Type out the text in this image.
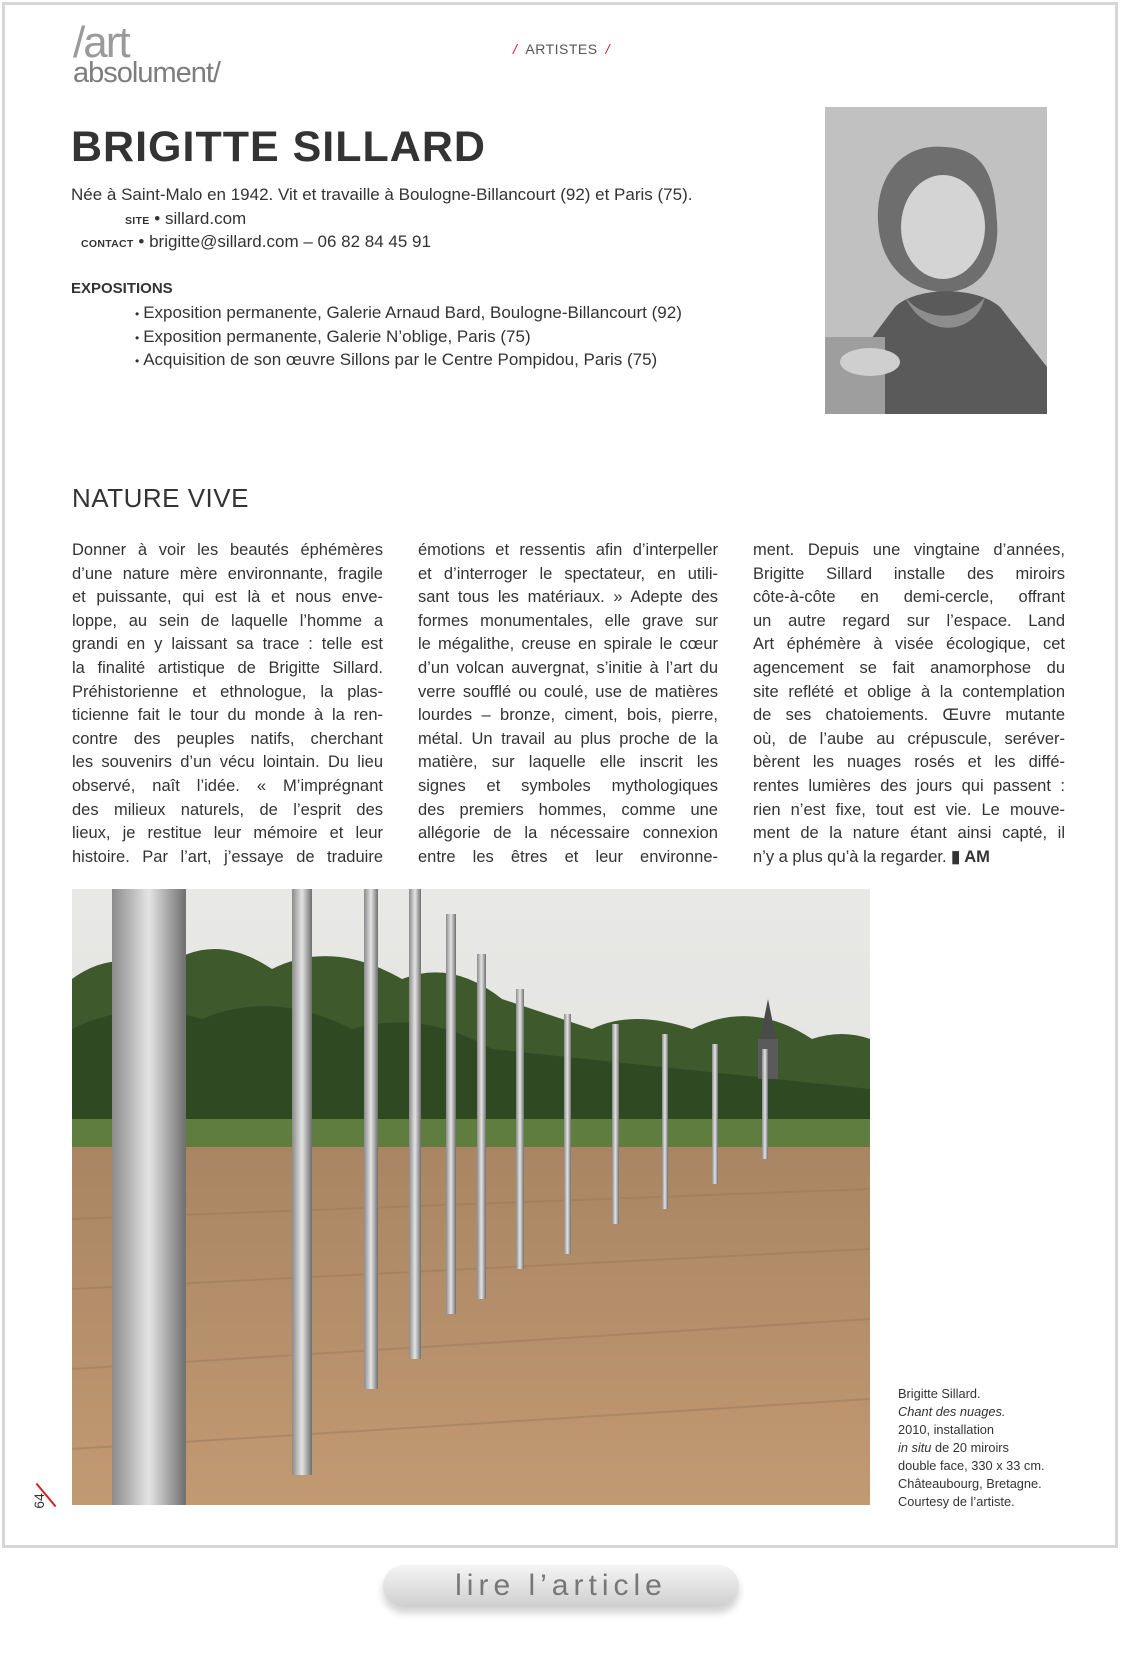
/art
absolument/
/ ARTISTES /
BRIGITTE SILLARD
Née à Saint-Malo en 1942. Vit et travaille à Boulogne-Billancourt (92) et Paris (75).
SITE • sillard.com
CONTACT • brigitte@sillard.com – 06 82 84 45 91
EXPOSITIONS
• Exposition permanente, Galerie Arnaud Bard, Boulogne-Billancourt (92)
• Exposition permanente, Galerie N’oblige, Paris (75)
• Acquisition de son œuvre Sillons par le Centre Pompidou, Paris (75)
NATURE VIVE
Donner à voir les beautés éphémères
d’une nature mère environnante, fragile
et puissante, qui est là et nous enve-
loppe, au sein de laquelle l’homme a
grandi en y laissant sa trace : telle est
la finalité artistique de Brigitte Sillard.
Préhistorienne et ethnologue, la plas-
ticienne fait le tour du monde à la ren-
contre des peuples natifs, cherchant
les souvenirs d’un vécu lointain. Du lieu
observé, naît l’idée. « M’imprégnant
des milieux naturels, de l’esprit des
lieux, je restitue leur mémoire et leur
histoire. Par l’art, j’essaye de traduire
émotions et ressentis afin d’interpeller
et d’interroger le spectateur, en utili-
sant tous les matériaux. » Adepte des
formes monumentales, elle grave sur
le mégalithe, creuse en spirale le cœur
d’un volcan auvergnat, s’initie à l’art du
verre soufflé ou coulé, use de matières
lourdes – bronze, ciment, bois, pierre,
métal. Un travail au plus proche de la
matière, sur laquelle elle inscrit les
signes et symboles mythologiques
des premiers hommes, comme une
allégorie de la nécessaire connexion
entre les êtres et leur environne-
ment. Depuis une vingtaine d’années,
Brigitte Sillard installe des miroirs
côte-à-côte en demi-cercle, offrant
un autre regard sur l’espace. Land
Art éphémère à visée écologique, cet
agencement se fait anamorphose du
site reflété et oblige à la contemplation
de ses chatoiements. Œuvre mutante
où, de l’aube au crépuscule, seréver-
bèrent les nuages rosés et les diffé-
rentes lumières des jours qui passent :
rien n’est fixe, tout est vie. Le mouve-
ment de la nature étant ainsi capté, il
n’y a plus qu’à la regarder. ▮ AM
Brigitte Sillard.
Chant des nuages.
2010, installation
in situ de 20 miroirs
double face, 330 x 33 cm.
Châteaubourg, Bretagne.
Courtesy de l’artiste.
64
lire l’article
